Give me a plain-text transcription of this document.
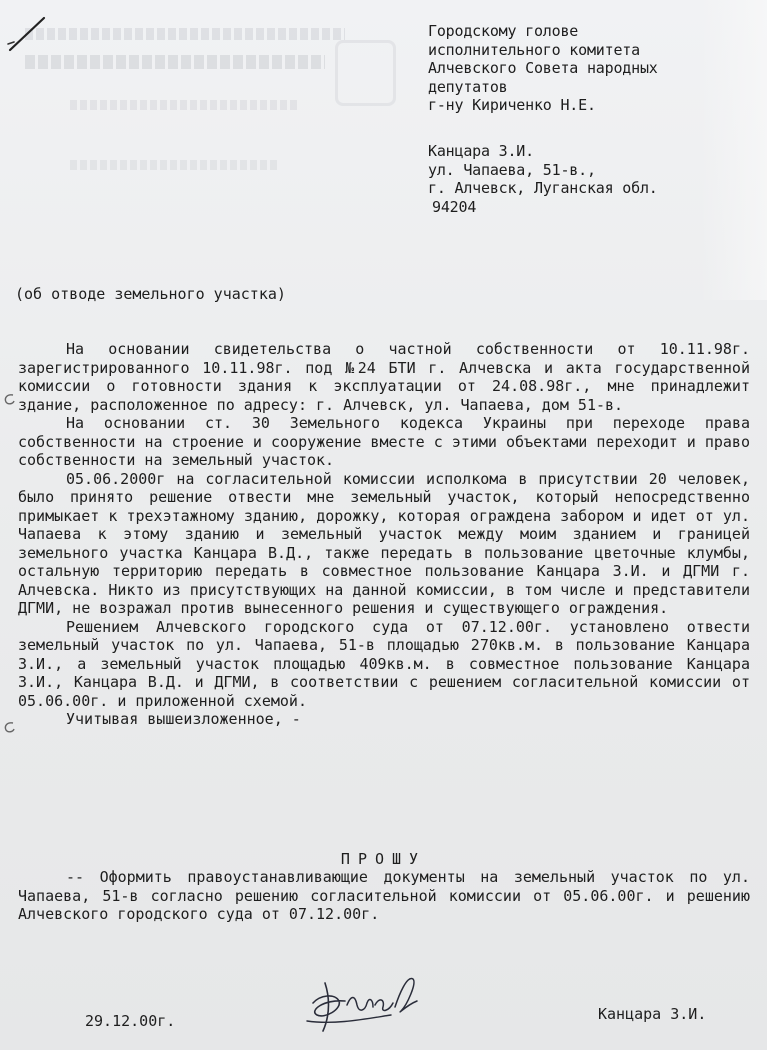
Городскому голове
исполнительного комитета
Алчевского Совета народных
депутатов
г-ну Кириченко Н.Е.
Канцара З.И.
ул. Чапаева, 51-в.,
г. Алчевск, Луганская обл.
94204
(об отводе земельного участка)

На основании свидетельства о частной собственности от 10.11.98г. зарегистрированного 10.11.98г. под №24 БТИ г. Алчевска и акта государственной комиссии о готовности здания к эксплуатации от 24.08.98г., мне принадлежит здание, расположенное по адресу: г. Алчевск, ул. Чапаева, дом 51-в.

На основании ст. 30 Земельного кодекса Украины при переходе права собственности на строение и сооружение вместе с этими объектами переходит и право собственности на земельный участок.

05.06.2000г на согласительной комиссии исполкома в присутствии 20 человек, было принято решение отвести мне земельный участок, который непосредственно примыкает к трехэтажному зданию, дорожку, которая ограждена забором и идет от ул. Чапаева к этому зданию и земельный участок между моим зданием и границей земельного участка Канцара В.Д., также передать в пользование цветочные клумбы, остальную территорию передать в совместное пользование Канцара З.И. и ДГМИ г. Алчевска. Никто из присутствующих на данной комиссии, в том числе и представители ДГМИ, не возражал против вынесенного решения и существующего ограждения.

Решением Алчевского городского суда от 07.12.00г. установлено отвести земельный участок по ул. Чапаева, 51-в площадью 270кв.м. в пользование Канцара З.И., а земельный участок площадью 409кв.м. в совместное пользование Канцара З.И., Канцара В.Д. и ДГМИ, в соответствии с решением согласительной комиссии от 05.06.00г. и приложенной схемой.

Учитывая вышеизложенное, -

ПРОШУ

-- Оформить правоустанавливающие документы на земельный участок по ул. Чапаева, 51-в согласно решению согласительной комиссии от 05.06.00г. и решению Алчевского городского суда от 07.12.00г.

29.12.00г.	Канцара З.И.
